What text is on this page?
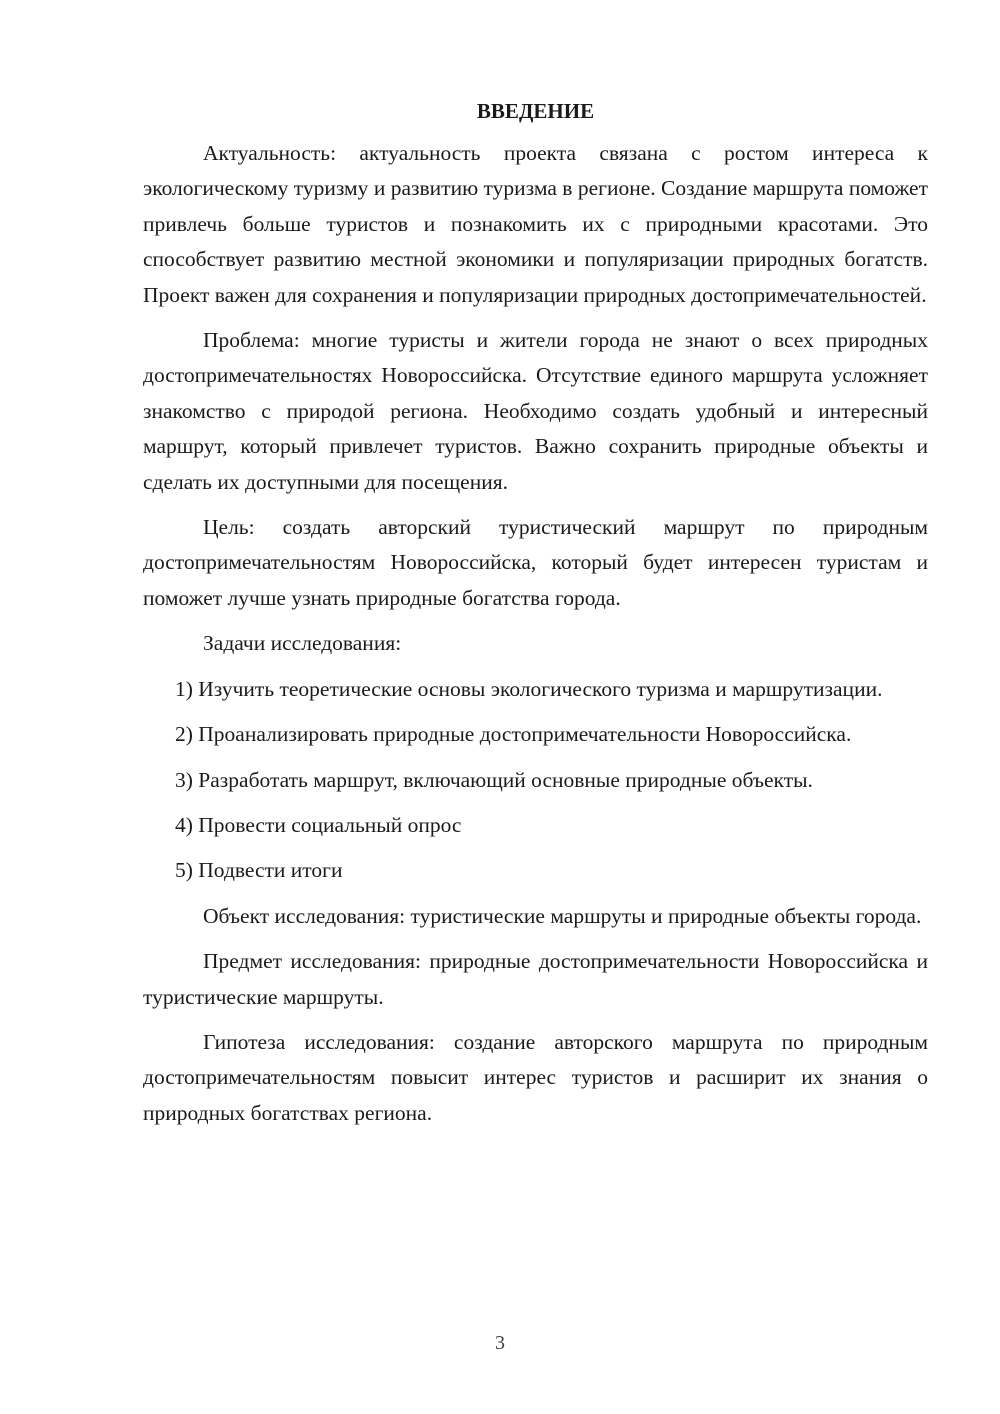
ВВЕДЕНИЕ

Актуальность: актуальность проекта связана с ростом интереса к экологическому туризму и развитию туризма в регионе. Создание маршрута поможет привлечь больше туристов и познакомить их с природными красотами. Это способствует развитию местной экономики и популяризации природных богатств. Проект важен для сохранения и популяризации природных достопримечательностей.

Проблема: многие туристы и жители города не знают о всех природных достопримечательностях Новороссийска. Отсутствие единого маршрута усложняет знакомство с природой региона. Необходимо создать удобный и интересный маршрут, который привлечет туристов. Важно сохранить природные объекты и сделать их доступными для посещения.

Цель: создать авторский туристический маршрут по природным достопримечательностям Новороссийска, который будет интересен туристам и поможет лучше узнать природные богатства города.

Задачи исследования:

1) Изучить теоретические основы экологического туризма и маршрутизации.

2) Проанализировать природные достопримечательности Новороссийска.

3) Разработать маршрут, включающий основные природные объекты.

4) Провести социальный опрос

5) Подвести итоги

Объект исследования: туристические маршруты и природные объекты города.

Предмет исследования: природные достопримечательности Новороссийска и туристические маршруты.

Гипотеза исследования: создание авторского маршрута по природным достопримечательностям повысит интерес туристов и расширит их знания о природных богатствах региона.

3
